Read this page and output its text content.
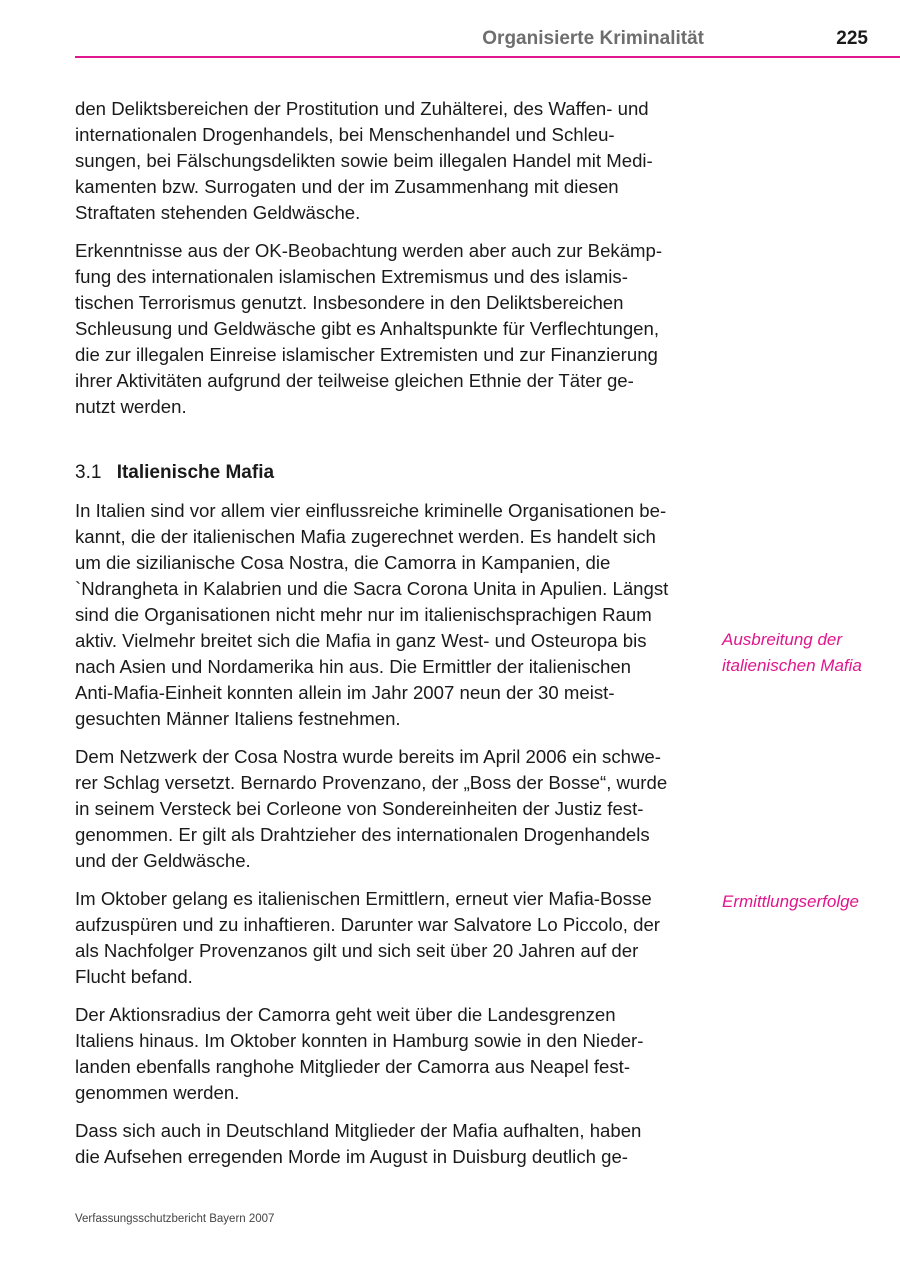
Organisierte Kriminalität	225

den Deliktsbereichen der Prostitution und Zuhälterei, des Waffen- und
internationalen Drogenhandels, bei Menschenhandel und Schleu-
sungen, bei Fälschungsdelikten sowie beim illegalen Handel mit Medi-
kamenten bzw. Surrogaten und der im Zusammenhang mit diesen
Straftaten stehenden Geldwäsche.

Erkenntnisse aus der OK-Beobachtung werden aber auch zur Bekämp-
fung des internationalen islamischen Extremismus und des islamis-
tischen Terrorismus genutzt. Insbesondere in den Deliktsbereichen
Schleusung und Geldwäsche gibt es Anhaltspunkte für Verflechtungen,
die zur illegalen Einreise islamischer Extremisten und zur Finanzierung
ihrer Aktivitäten aufgrund der teilweise gleichen Ethnie der Täter ge-
nutzt werden.

3.1 Italienische Mafia

In Italien sind vor allem vier einflussreiche kriminelle Organisationen be-
kannt, die der italienischen Mafia zugerechnet werden. Es handelt sich
um die sizilianische Cosa Nostra, die Camorra in Kampanien, die
`Ndrangheta in Kalabrien und die Sacra Corona Unita in Apulien. Längst
sind die Organisationen nicht mehr nur im italienischsprachigen Raum
aktiv. Vielmehr breitet sich die Mafia in ganz West- und Osteuropa bis
nach Asien und Nordamerika hin aus. Die Ermittler der italienischen
Anti-Mafia-Einheit konnten allein im Jahr 2007 neun der 30 meist-
gesuchten Männer Italiens festnehmen.

Dem Netzwerk der Cosa Nostra wurde bereits im April 2006 ein schwe-
rer Schlag versetzt. Bernardo Provenzano, der „Boss der Bosse“, wurde
in seinem Versteck bei Corleone von Sondereinheiten der Justiz fest-
genommen. Er gilt als Drahtzieher des internationalen Drogenhandels
und der Geldwäsche.

Im Oktober gelang es italienischen Ermittlern, erneut vier Mafia-Bosse
aufzuspüren und zu inhaftieren. Darunter war Salvatore Lo Piccolo, der
als Nachfolger Provenzanos gilt und sich seit über 20 Jahren auf der
Flucht befand.

Der Aktionsradius der Camorra geht weit über die Landesgrenzen
Italiens hinaus. Im Oktober konnten in Hamburg sowie in den Nieder-
landen ebenfalls ranghohe Mitglieder der Camorra aus Neapel fest-
genommen werden.

Dass sich auch in Deutschland Mitglieder der Mafia aufhalten, haben
die Aufsehen erregenden Morde im August in Duisburg deutlich ge-

Ausbreitung der
italienischen Mafia
Ermittlungserfolge
Verfassungsschutzbericht Bayern 2007
